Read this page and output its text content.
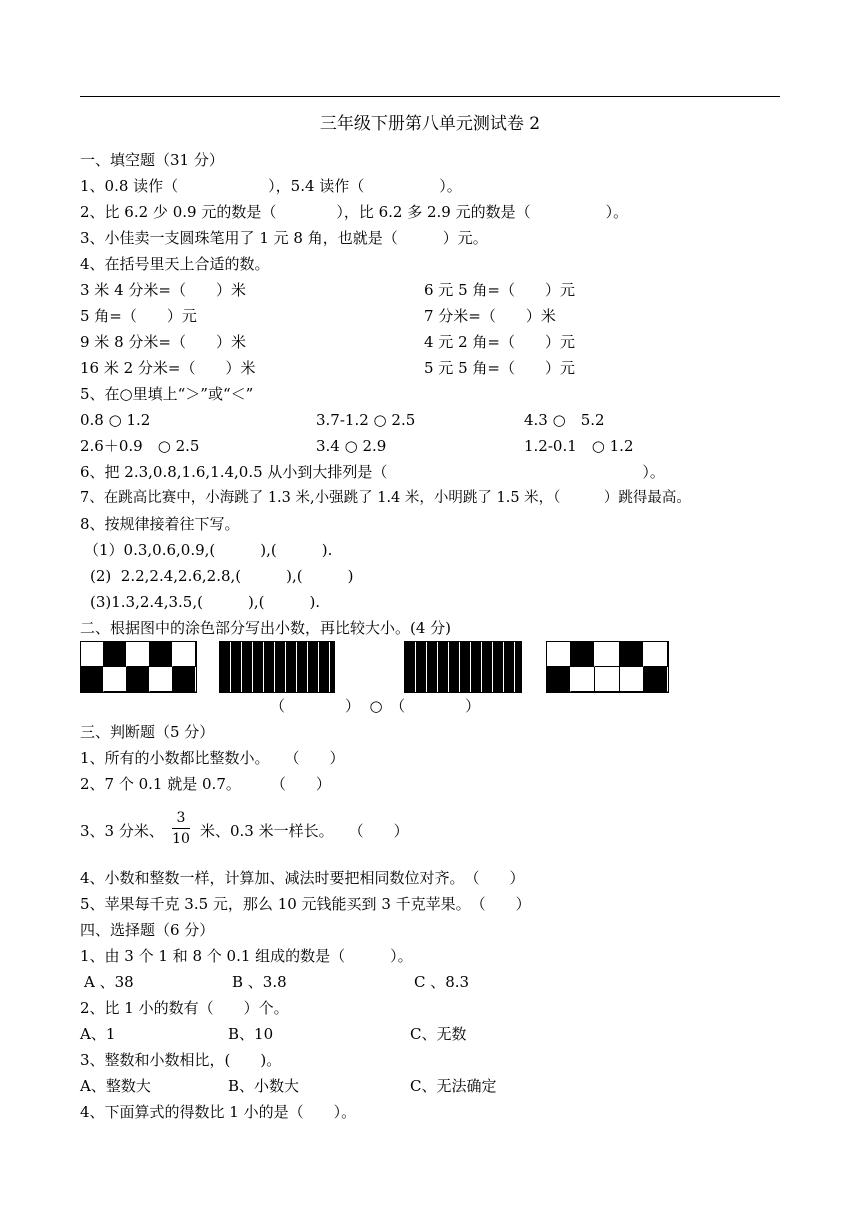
三年级下册第八单元测试卷 2
一、填空题（31 分）
1、0.8 读作（　　　　　　），5.4 读作（　　　　　）。
2、比 6.2 少 0.9 元的数是（　　　　），比 6.2 多 2.9 元的数是（　　　　　）。
3、小佳卖一支圆珠笔用了 1 元 8 角，也就是（　　　）元。
4、在括号里天上合适的数。
3 米 4 分米=（　　）米	6 元 5 角=（　　）元
5 角=（　　）元	7 分米=（　　）米
9 米 8 分米=（　　）米	4 元 2 角=（　　）元
16 米 2 分米=（　　）米	5 元 5 角=（　　）元
5、在○里填上“＞”或“＜”
0.8 ○ 1.2	3.7-1.2 ○ 2.5	4.3 ○　5.2
2.6＋0.9　○ 2.5	3.4 ○ 2.9	1.2-0.1　○ 1.2
6、把 2.3,0.8,1.6,1.4,0.5 从小到大排列是（　　　　　　　　　　　　　　　　　）。
7、在跳高比赛中，小海跳了 1.3 米,小强跳了 1.4 米，小明跳了 1.5 米，（　　　）跳得最高。
8、按规律接着往下写。
（1）0.3,0.6,0.9,(　　　),(　　　).
(2)  2.2,2.4,2.6,2.8,(　　　),(　　　)
(3)1.3,2.4,3.5,(　　　),(　　　).
二、根据图中的涂色部分写出小数，再比较大小。(4 分)
（　　　　）  ○　（　　　　）
三、判断题（5 分）
1、所有的小数都比整数小。　　（　　）
2、7 个 0.1 就是 0.7。　　　（　　）
3、3 分米、
3
10 米、0.3 米一样长。　　（　　）
4、小数和整数一样，计算加、减法时要把相同数位对齐。　（　　）
5、苹果每千克 3.5 元，那么 10 元钱能买到 3 千克苹果。　（　　）
四、选择题（6 分）
1、由 3 个 1 和 8 个 0.1 组成的数是（　　　）。
A 、38	B 、3.8	C 、8.3
2、比 1 小的数有（　　）个。
A、1	B、10	C、无数
3、整数和小数相比，(　　)。
A、整数大	B、小数大	C、无法确定
4、下面算式的得数比 1 小的是（　　）。
